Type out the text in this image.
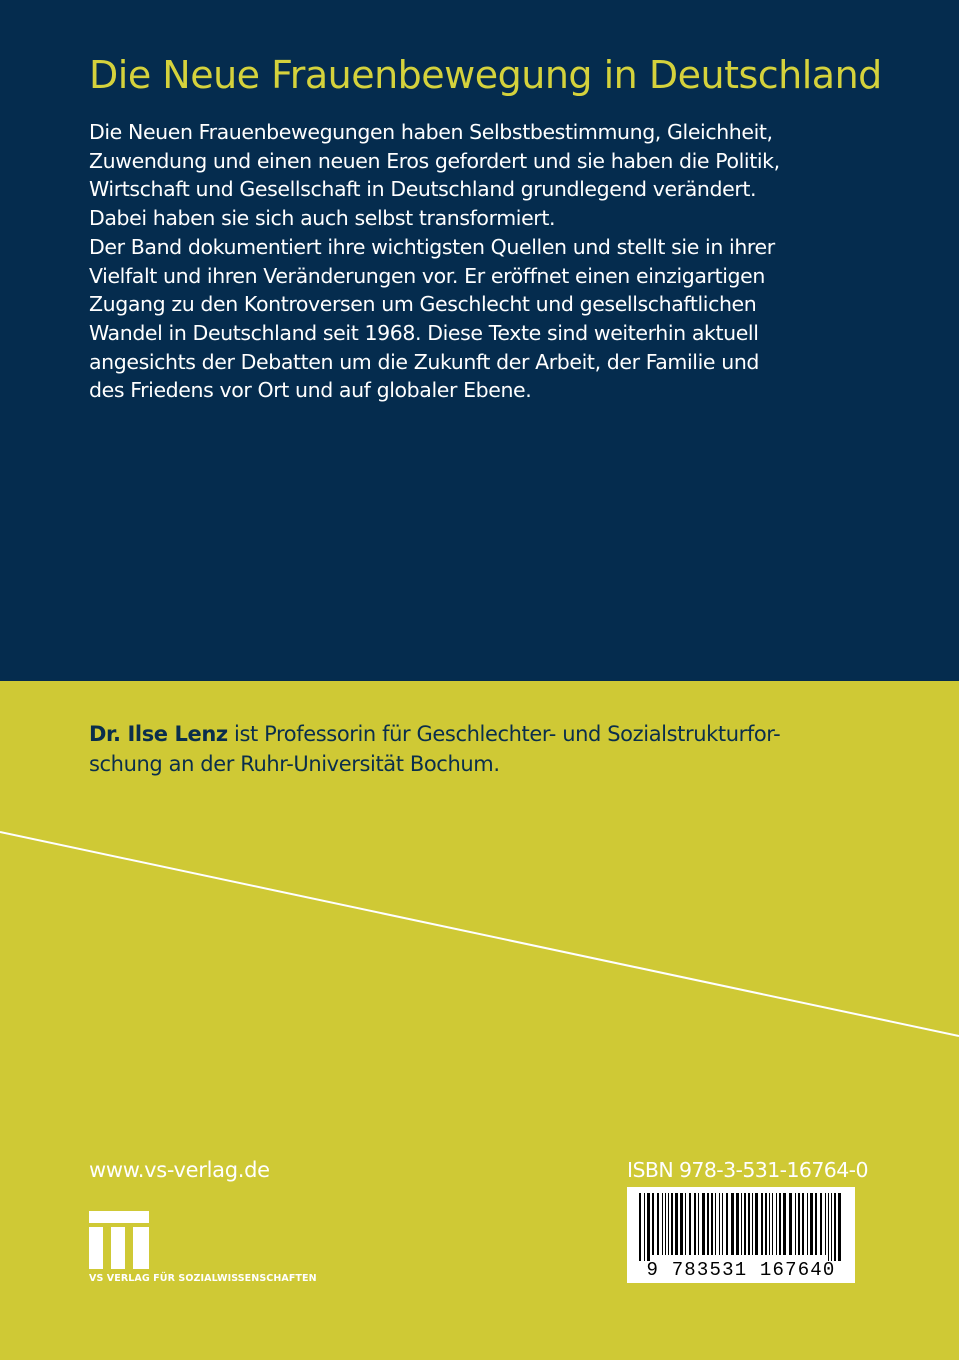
Die Neue Frauenbewegung in Deutschland
Die Neuen Frauenbewegungen haben Selbstbestimmung, Gleichheit,
Zuwendung und einen neuen Eros gefordert und sie haben die Politik,
Wirtschaft und Gesellschaft in Deutschland grundlegend verändert.
Dabei haben sie sich auch selbst transformiert.
Der Band dokumentiert ihre wichtigsten Quellen und stellt sie in ihrer
Vielfalt und ihren Veränderungen vor. Er eröffnet einen einzigartigen
Zugang zu den Kontroversen um Geschlecht und gesellschaftlichen
Wandel in Deutschland seit 1968. Diese Texte sind weiterhin aktuell
angesichts der Debatten um die Zukunft der Arbeit, der Familie und
des Friedens vor Ort und auf globaler Ebene.
Dr. Ilse Lenz ist Professorin für Geschlechter- und Sozialstrukturfor-
schung an der Ruhr-Universität Bochum.
www.vs-verlag.de	ISBN 978-3-531-16764-0
9 783531 167640
VS VERLAG FÜR SOZIALWISSENSCHAFTEN
